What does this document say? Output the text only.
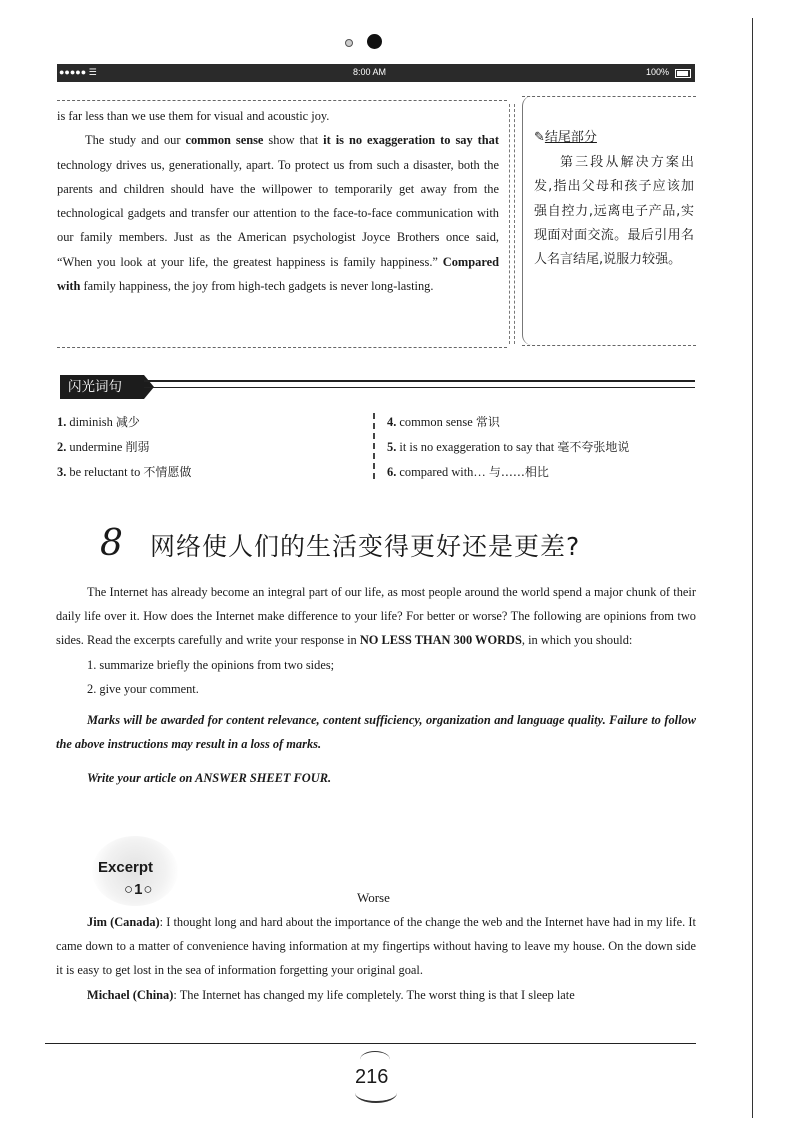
●●●●● ☰	8:00 AM	100%

is far less than we use them for visual and acoustic joy.

The study and our common sense show that it is no exaggeration to say that technology drives us, generationally, apart. To protect us from such a disaster, both the parents and children should have the willpower to temporarily get away from the technological gadgets and transfer our attention to the face-to-face communication with our family members. Just as the American psychologist Joyce Brothers once said, “When you look at your life, the greatest happiness is family happiness.” Compared with family happiness, the joy from high-tech gadgets is never long-lasting.

✎结尾部分
第三段从解决方案出发,指出父母和孩子应该加强自控力,远离电子产品,实现面对面交流。最后引用名人名言结尾,说服力较强。
闪光词句
1. diminish 减少
2. undermine 削弱
3. be reluctant to 不情愿做
4. common sense 常识
5. it is no exaggeration to say that 毫不夸张地说
6. compared with… 与……相比
8 网络使人们的生活变得更好还是更差?

The Internet has already become an integral part of our life, as most people around the world spend a major chunk of their daily life over it. How does the Internet make difference to your life? For better or worse? The following are opinions from two sides. Read the excerpts carefully and write your response in NO LESS THAN 300 WORDS, in which you should:

1. summarize briefly the opinions from two sides;

2. give your comment.

Marks will be awarded for content relevance, content sufficiency, organization and language quality. Failure to follow the above instructions may result in a loss of marks.

Write your article on ANSWER SHEET FOUR.

Excerpt
○1○	Worse

Jim (Canada): I thought long and hard about the importance of the change the web and the Internet have had in my life. It came down to a matter of convenience having information at my fingertips without having to leave my house. On the down side it is easy to get lost in the sea of information forgetting your original goal.

Michael (China): The Internet has changed my life completely. The worst thing is that I sleep late

216
